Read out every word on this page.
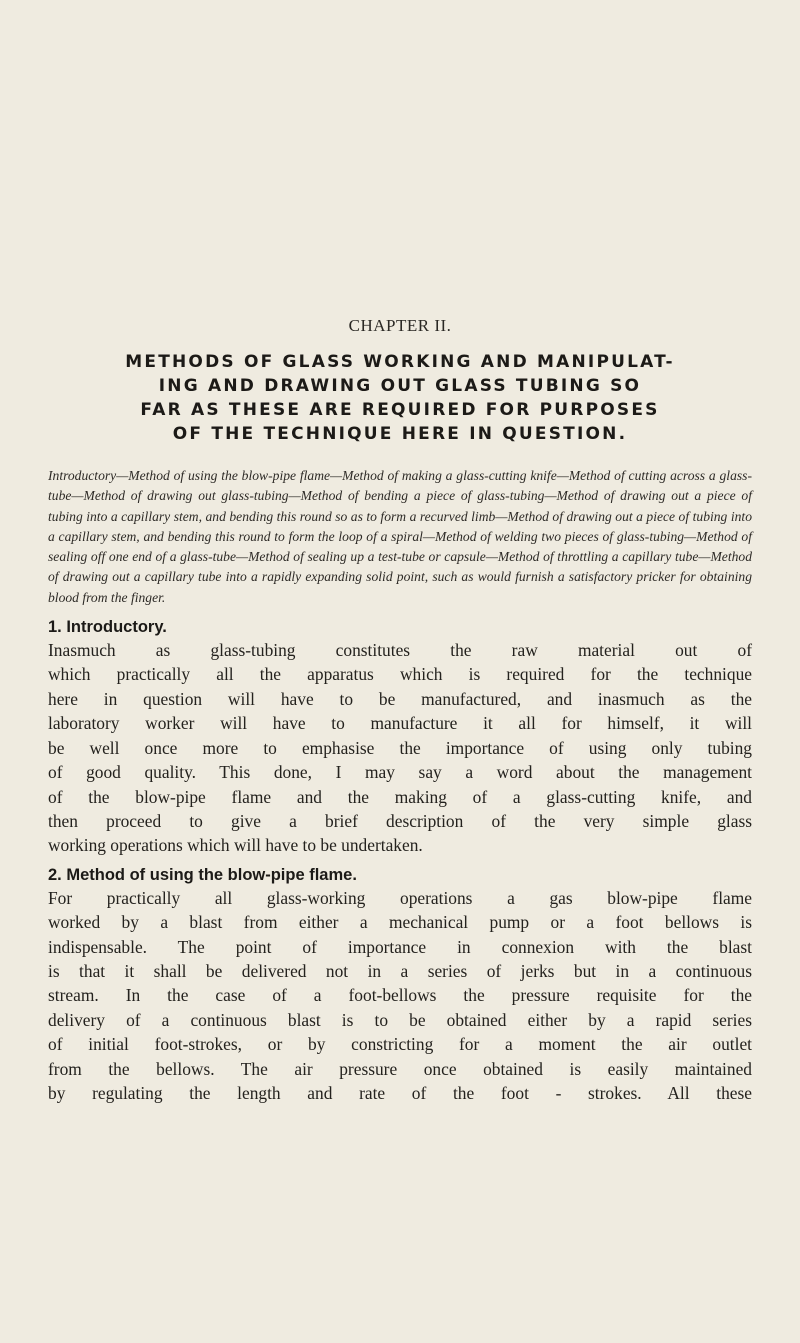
CHAPTER II.
METHODS OF GLASS WORKING AND MANIPULAT-
ING AND DRAWING OUT GLASS TUBING SO
FAR AS THESE ARE REQUIRED FOR PURPOSES
OF THE TECHNIQUE HERE IN QUESTION.
Introductory—Method of using the blow-pipe flame—Method of making a glass-cutting knife—Method of cutting across a glass-tube—Method of drawing out glass-tubing—Method of bending a piece of glass-tubing—Method of drawing out a piece of tubing into a capillary stem, and bending this round so as to form a recurved limb—Method of drawing out a piece of tubing into a capillary stem, and bending this round to form the loop of a spiral—Method of welding two pieces of glass-tubing—Method of sealing off one end of a glass-tube—Method of sealing up a test-tube or capsule—Method of throttling a capillary tube—Method of drawing out a capillary tube into a rapidly expanding solid point, such as would furnish a satisfactory pricker for obtaining blood from the finger.
1. Introductory.
Inasmuch as glass-tubing constitutes the raw material out of
which practically all the apparatus which is required for the technique
here in question will have to be manufactured, and inasmuch as the
laboratory worker will have to manufacture it all for himself, it will
be well once more to emphasise the importance of using only tubing
of good quality. This done, I may say a word about the management
of the blow-pipe flame and the making of a glass-cutting knife, and
then proceed to give a brief description of the very simple glass
working operations which will have to be undertaken.
2. Method of using the blow-pipe flame.
For practically all glass-working operations a gas blow-pipe flame
worked by a blast from either a mechanical pump or a foot bellows is
indispensable. The point of importance in connexion with the blast
is that it shall be delivered not in a series of jerks but in a continuous
stream. In the case of a foot-bellows the pressure requisite for the
delivery of a continuous blast is to be obtained either by a rapid series
of initial foot-strokes, or by constricting for a moment the air outlet
from the bellows. The air pressure once obtained is easily maintained
by regulating the length and rate of the foot - strokes. All these
